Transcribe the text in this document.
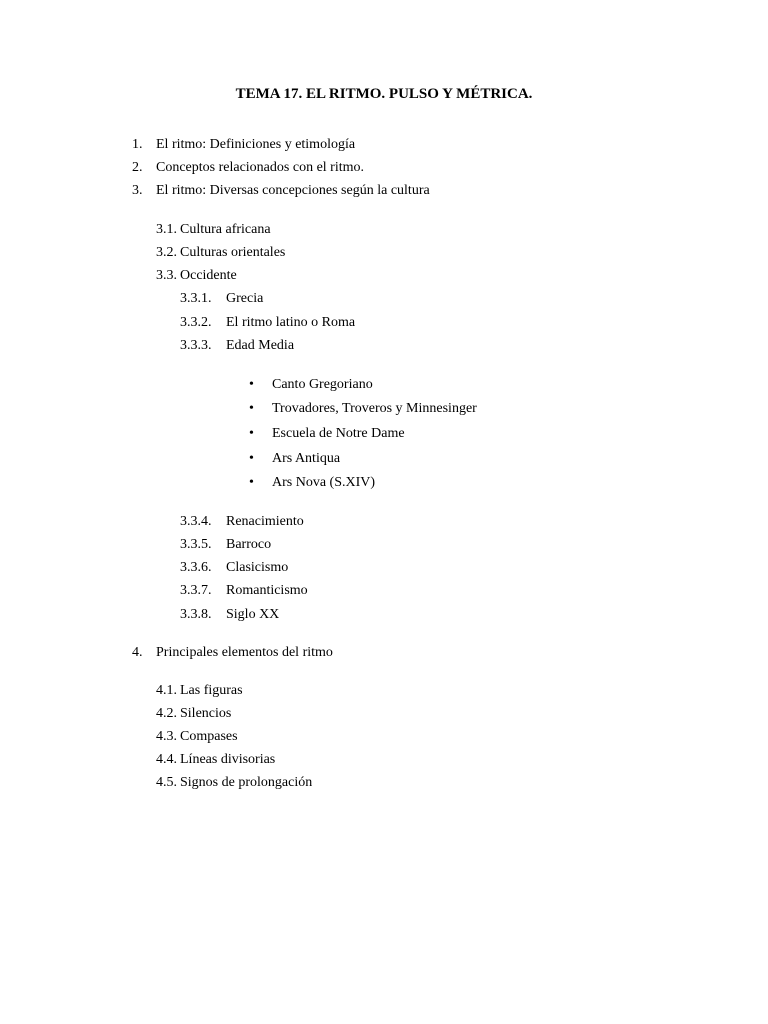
TEMA 17. EL RITMO. PULSO Y MÉTRICA.
1. El ritmo: Definiciones y etimología
2. Conceptos relacionados con el ritmo.
3. El ritmo: Diversas concepciones según la cultura
3.1. Cultura africana
3.2. Culturas orientales
3.3. Occidente
3.3.1. Grecia
3.3.2. El ritmo latino o Roma
3.3.3. Edad Media
• Canto Gregoriano
• Trovadores, Troveros y Minnesinger
• Escuela de Notre Dame
• Ars Antiqua
• Ars Nova (S.XIV)
3.3.4. Renacimiento
3.3.5. Barroco
3.3.6. Clasicismo
3.3.7. Romanticismo
3.3.8. Siglo XX
4. Principales elementos del ritmo
4.1. Las figuras
4.2. Silencios
4.3. Compases
4.4. Líneas divisorias
4.5. Signos de prolongación
